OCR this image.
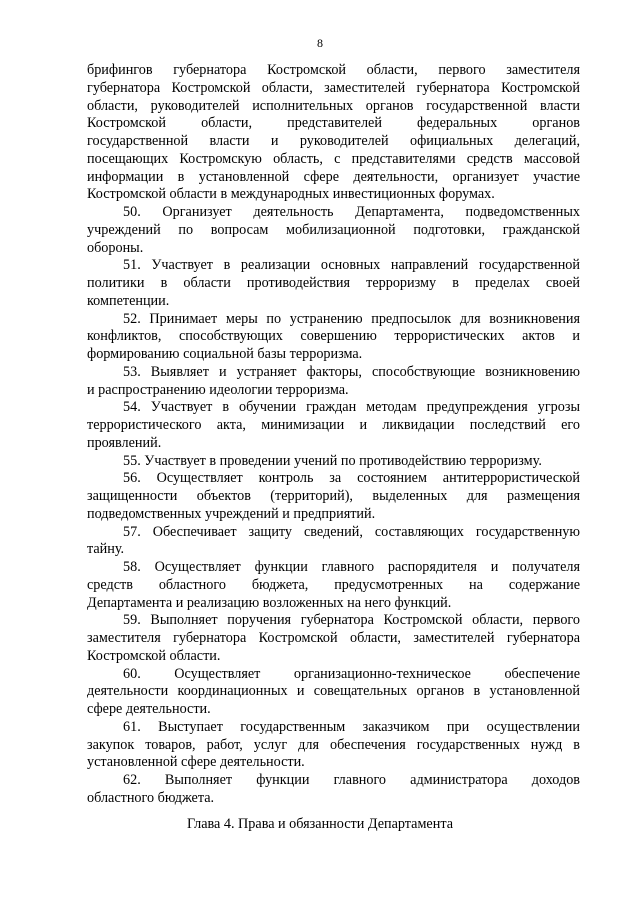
8
брифингов губернатора Костромской области, первого заместителя
губернатора Костромской области, заместителей губернатора Костромской
области, руководителей исполнительных органов государственной власти
Костромской области, представителей федеральных органов
государственной власти и руководителей официальных делегаций,
посещающих Костромскую область, с представителями средств массовой
информации в установленной сфере деятельности, организует участие
Костромской области в международных инвестиционных форумах.
50. Организует деятельность Департамента, подведомственных
учреждений по вопросам мобилизационной подготовки, гражданской
обороны.
51. Участвует в реализации основных направлений государственной
политики в области противодействия терроризму в пределах своей
компетенции.
52. Принимает меры по устранению предпосылок для возникновения
конфликтов, способствующих совершению террористических актов и
формированию социальной базы терроризма.
53. Выявляет и устраняет факторы, способствующие возникновению
и распространению идеологии терроризма.
54. Участвует в обучении граждан методам предупреждения угрозы
террористического акта, минимизации и ликвидации последствий его
проявлений.
55. Участвует в проведении учений по противодействию терроризму.
56. Осуществляет контроль за состоянием антитеррористической
защищенности объектов (территорий), выделенных для размещения
подведомственных учреждений и предприятий.
57. Обеспечивает защиту сведений, составляющих государственную
тайну.
58. Осуществляет функции главного распорядителя и получателя
средств областного бюджета, предусмотренных на содержание
Департамента и реализацию возложенных на него функций.
59. Выполняет поручения губернатора Костромской области, первого
заместителя губернатора Костромской области, заместителей губернатора
Костромской области.
60. Осуществляет организационно-техническое обеспечение
деятельности координационных и совещательных органов в установленной
сфере деятельности.
61. Выступает государственным заказчиком при осуществлении
закупок товаров, работ, услуг для обеспечения государственных нужд в
установленной сфере деятельности.
62. Выполняет функции главного администратора доходов
областного бюджета.
Глава 4. Права и обязанности Департамента
